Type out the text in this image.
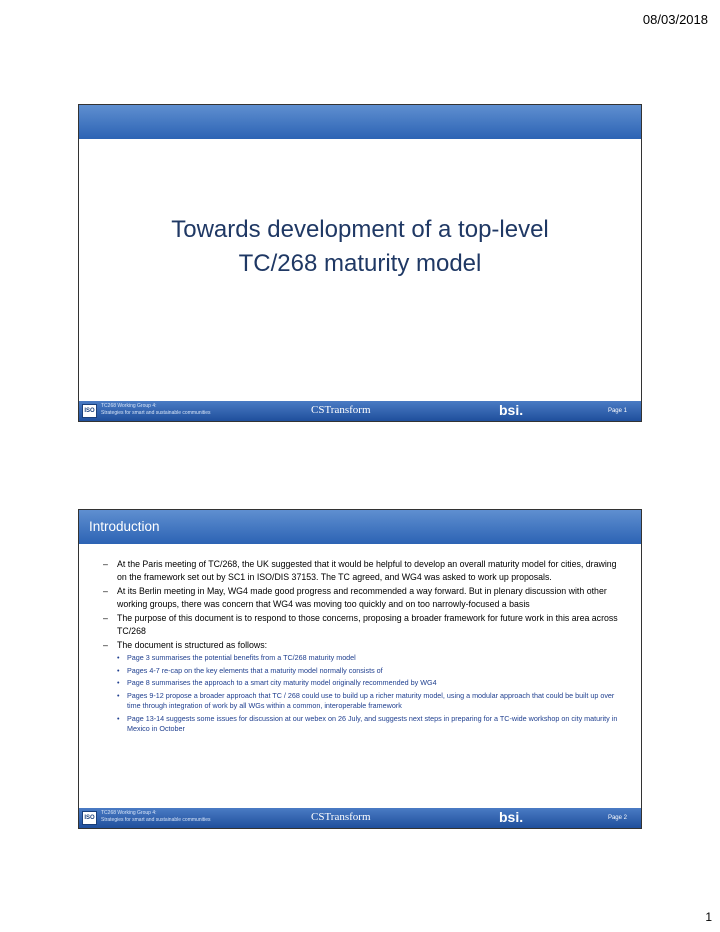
08/03/2018
Towards development of a top-level
TC/268 maturity model
ISO
TC268 Working Group 4:
Strategies for smart and sustainable communities	CSTransform	bsi.	Page 1
Introduction
– At the Paris meeting of TC/268, the UK suggested that it would be helpful to develop an overall maturity model for cities, drawing on the framework set out by SC1 in ISO/DIS 37153. The TC agreed, and WG4 was asked to work up proposals.
– At its Berlin meeting in May, WG4 made good progress and recommended a way forward. But in plenary discussion with other working groups, there was concern that WG4 was moving too quickly and on too narrowly-focused a basis
– The purpose of this document is to respond to those concerns, proposing a broader framework for future work in this area across TC/268
– The document is structured as follows:
• Page 3 summarises the potential benefits from a TC/268 maturity model
• Pages 4-7 re-cap on the key elements that a maturity model normally consists of
• Page 8 summarises the approach to a smart city maturity model originally recommended by WG4
• Pages 9-12 propose a broader approach that TC / 268 could use to build up a richer maturity model, using a modular approach that could be built up over time through integration of work by all WGs within a common, interoperable framework
• Page 13-14 suggests some issues for discussion at our webex on 26 July, and suggests next steps in preparing for a TC-wide workshop on city maturity in Mexico in October
ISO
TC268 Working Group 4:
Strategies for smart and sustainable communities	CSTransform	bsi.	Page 2
1
